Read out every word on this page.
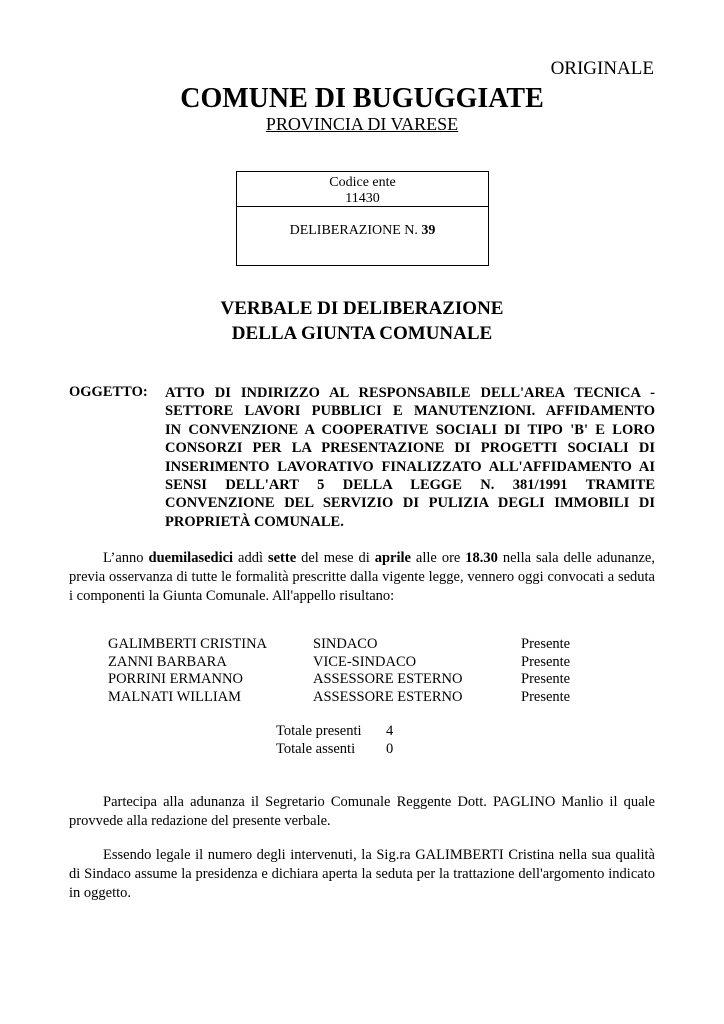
ORIGINALE
COMUNE DI BUGUGGIATE
PROVINCIA DI VARESE
Codice ente
11430
DELIBERAZIONE N. 39
VERBALE DI DELIBERAZIONE
DELLA GIUNTA COMUNALE
OGGETTO: ATTO DI INDIRIZZO AL RESPONSABILE DELL'AREA TECNICA -
SETTORE LAVORI PUBBLICI E MANUTENZIONI. AFFIDAMENTO
IN CONVENZIONE A COOPERATIVE SOCIALI DI TIPO 'B' E LORO
CONSORZI PER LA PRESENTAZIONE DI PROGETTI SOCIALI DI
INSERIMENTO LAVORATIVO FINALIZZATO ALL'AFFIDAMENTO AI
SENSI DELL'ART 5 DELLA LEGGE N. 381/1991 TRAMITE
CONVENZIONE DEL SERVIZIO DI PULIZIA DEGLI IMMOBILI DI
PROPRIETÀ COMUNALE.
L’anno duemilasedici addì sette del mese di aprile alle ore 18.30 nella sala delle adunanze, previa osservanza di tutte le formalità prescritte dalla vigente legge, vennero oggi convocati a seduta i componenti la Giunta Comunale. All'appello risultano:
GALIMBERTI CRISTINA	SINDACO	Presente
ZANNI BARBARA	VICE-SINDACO	Presente
PORRINI ERMANNO	ASSESSORE ESTERNO	Presente
MALNATI WILLIAM	ASSESSORE ESTERNO	Presente
Totale presenti	4
Totale assenti	0
Partecipa alla adunanza il Segretario Comunale Reggente Dott. PAGLINO Manlio il quale provvede alla redazione del presente verbale.
Essendo legale il numero degli intervenuti, la Sig.ra GALIMBERTI Cristina nella sua qualità di Sindaco assume la presidenza e dichiara aperta la seduta per la trattazione dell'argomento indicato in oggetto.
